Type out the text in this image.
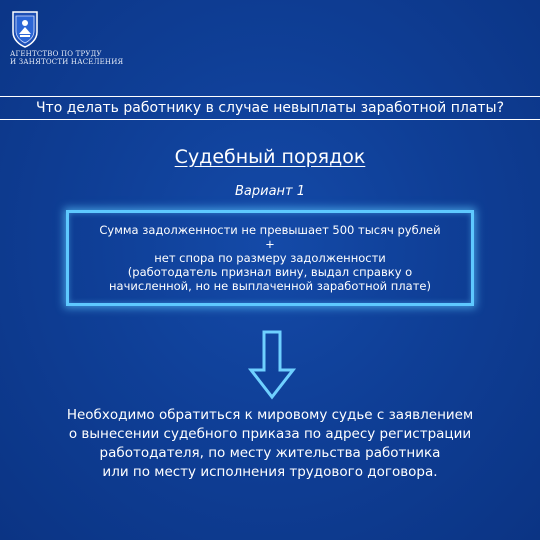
АГЕНТСТВО ПО ТРУДУ
И ЗАНЯТОСТИ НАСЕЛЕНИЯ
Что делать работнику в случае невыплаты заработной платы?
Судебный порядок
Вариант 1
Сумма задолженности не превышает 500 тысяч рублей
+
нет спора по размеру задолженности
(работодатель признал вину, выдал справку о
начисленной, но не выплаченной заработной плате)
Необходимо обратиться к мировому судье с заявлением
о вынесении судебного приказа по адресу регистрации
работодателя, по месту жительства работника
или по месту исполнения трудового договора.
